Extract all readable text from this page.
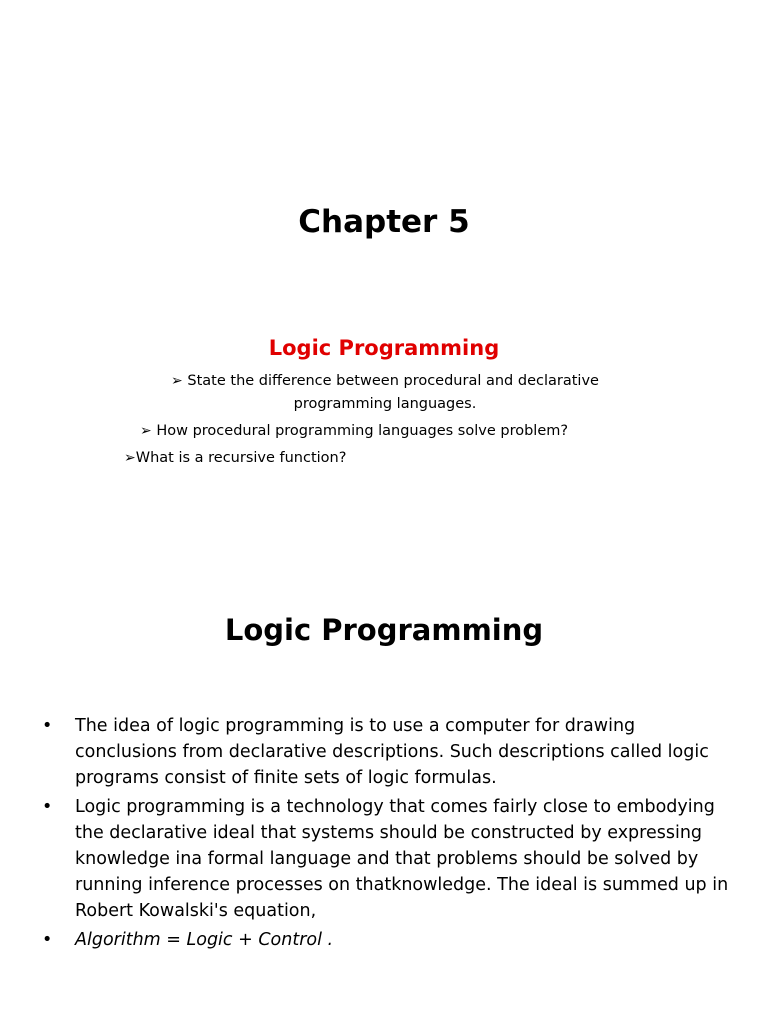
Chapter 5
Logic Programming

➢ State the difference between procedural and declarative programming languages.

➢ How procedural programming languages solve problem?

➢What is a recursive function?

Logic Programming
• The idea of logic programming is to use a computer for drawing conclusions from declarative descriptions. Such descriptions called logic programs consist of finite sets of logic formulas.
• Logic programming is a technology that comes fairly close to embodying the declarative ideal that systems should be constructed by expressing knowledge ina formal language and that problems should be solved by running inference processes on thatknowledge. The ideal is summed up in Robert Kowalski's equation,
• Algorithm = Logic + Control .
